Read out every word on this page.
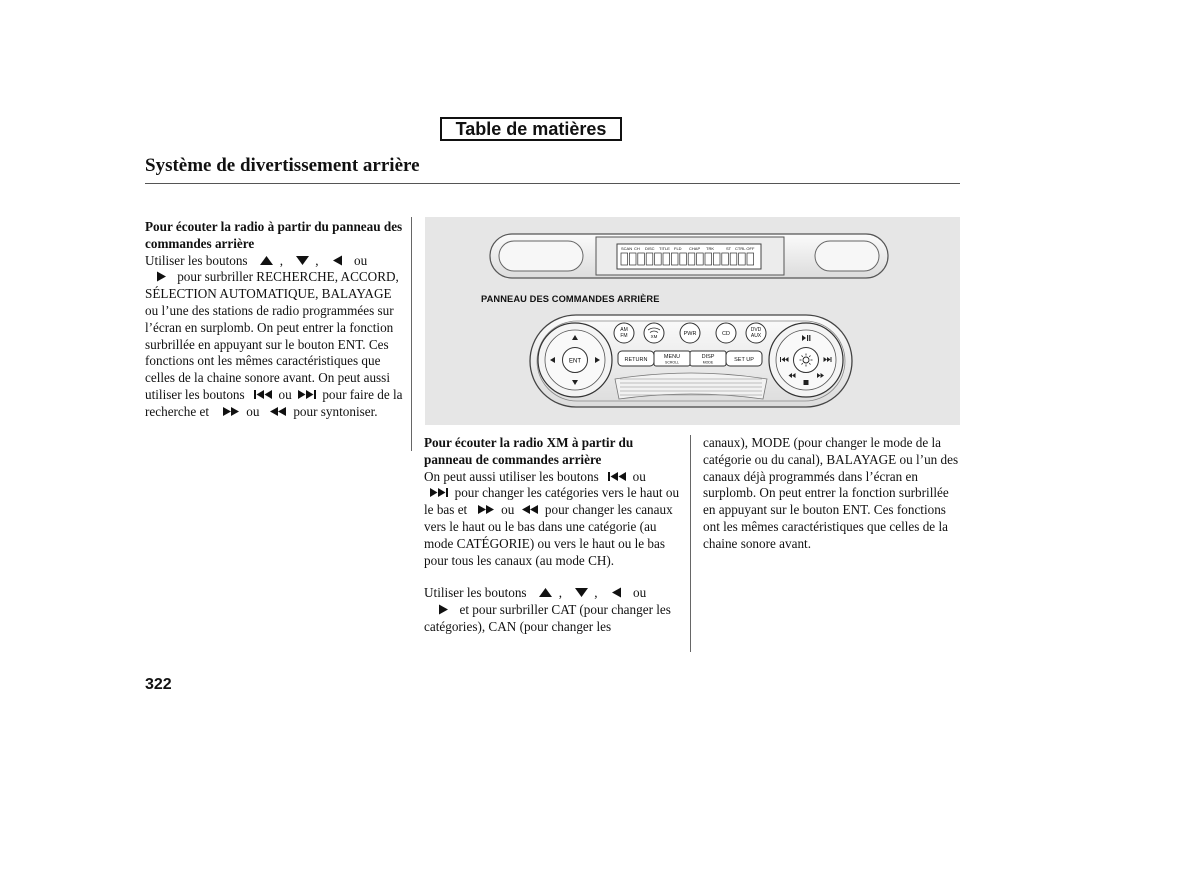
Table de matières
Système de divertissement arrière

Pour écouter la radio à partir du panneau des commandes arrière

Utiliser les boutons , ,	ou

pour surbriller RECHERCHE, ACCORD, SÉLECTION AUTOMATIQUE, BALAYAGE ou l’une des stations de radio programmées sur l’écran en surplomb. On peut entrer la fonction surbrillée en appuyant sur le bouton ENT. Ces fonctions ont les mêmes caractéristiques que celles de la chaine sonore avant. On peut aussi utiliser les boutons	ou pour faire de la recherche et	ou	pour syntoniser.

SCAN CH DISC TITLE FLD CHAP TRK	ST CTRL OFF
ENT
AM
FM	XM	PWR	CD
DVD
AUX
RETURN	MENU
SCROLL
DISP
MODE	SET UP
PANNEAU DES COMMANDES ARRIÈRE

Pour écouter la radio XM à partir du panneau de commandes arrière

On peut aussi utiliser les boutons	ou

pour changer les catégories vers le haut ou le bas et	ou pour changer les canaux vers le haut ou le bas dans une catégorie (au mode CATÉGORIE) ou vers le haut ou le bas pour tous les canaux (au mode CH).

Utiliser les boutons , ,	ou

et pour surbriller CAT (pour changer les catégories), CAN (pour changer les

canaux), MODE (pour changer le mode de la catégorie ou du canal), BALAYAGE ou l’un des canaux déjà programmés dans l’écran en surplomb. On peut entrer la fonction surbrillée en appuyant sur le bouton ENT. Ces fonctions ont les mêmes caractéristiques que celles de la chaine sonore avant.

322
